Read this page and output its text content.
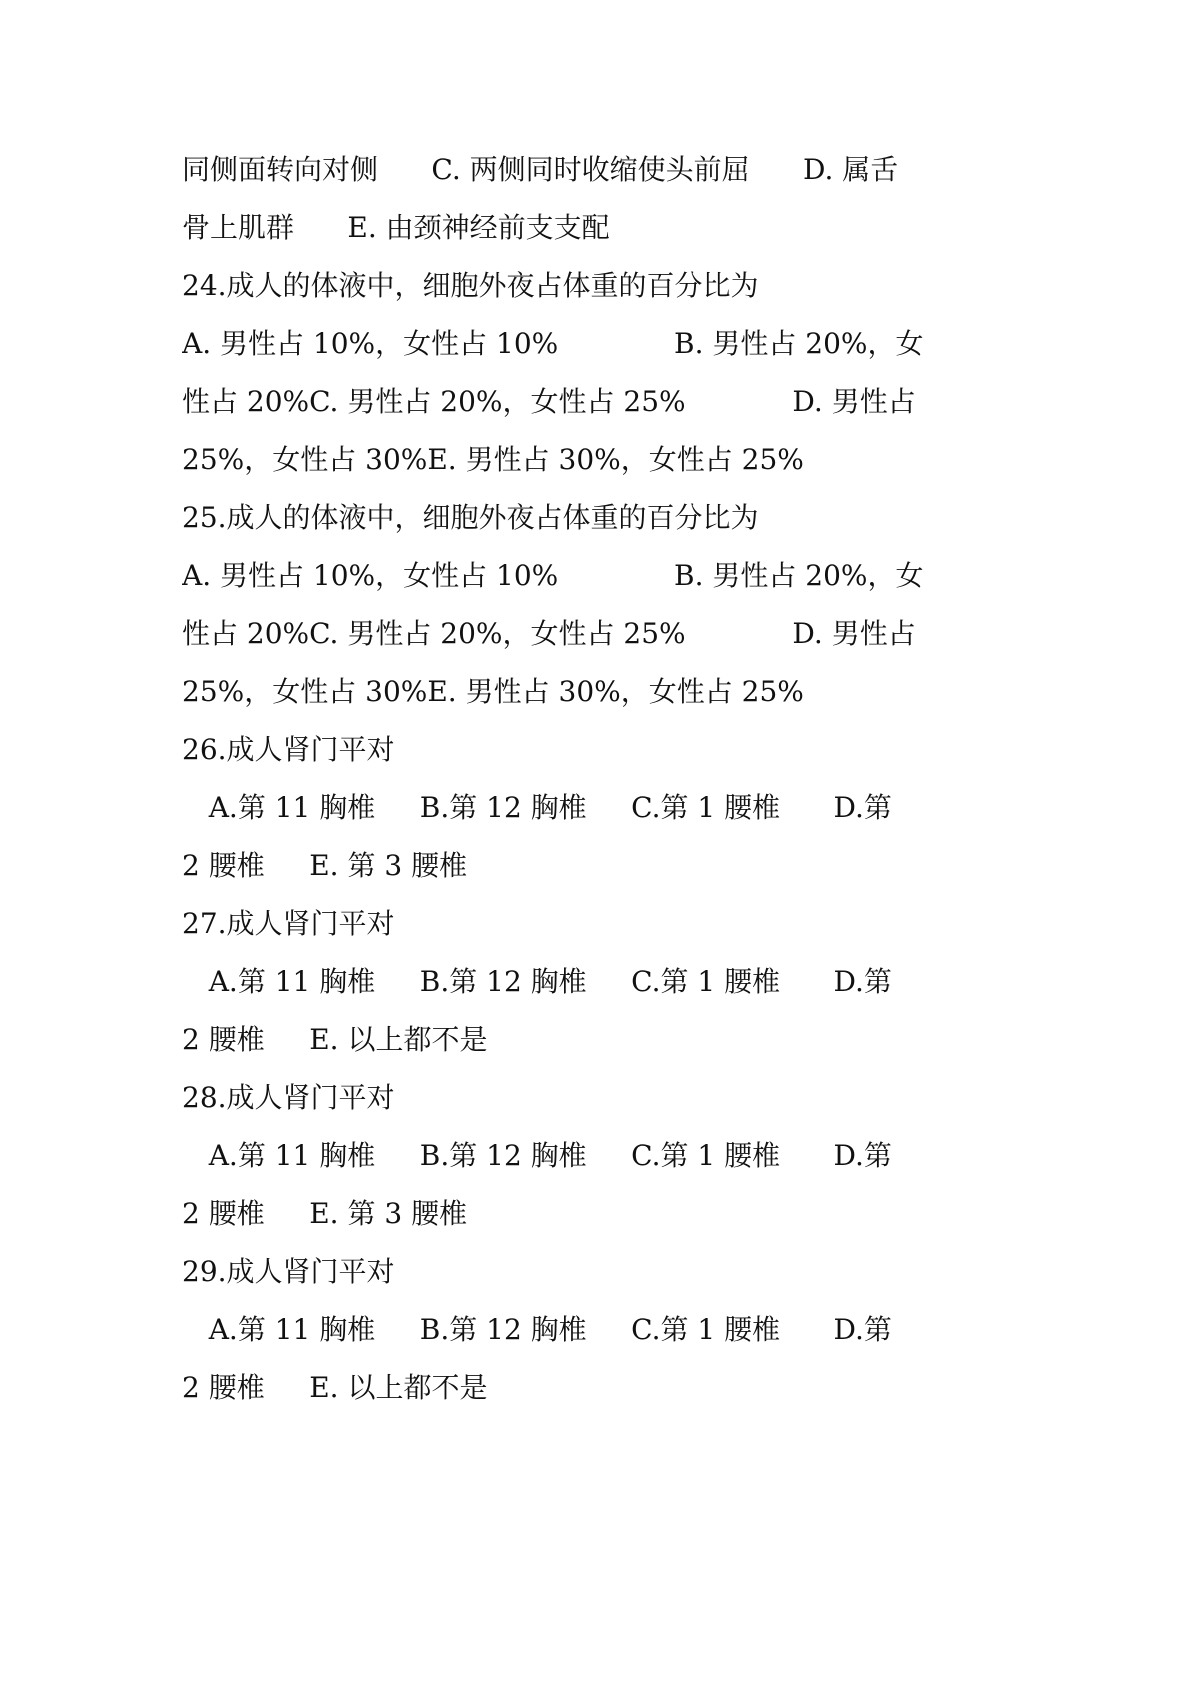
同侧面转向对侧      C. 两侧同时收缩使头前屈      D. 属舌
骨上肌群      E. 由颈神经前支支配
24.成人的体液中，细胞外夜占体重的百分比为
A. 男性占 10%，女性占 10%             B. 男性占 20%，女
性占 20%C. 男性占 20%，女性占 25%            D. 男性占
25%，女性占 30%E. 男性占 30%，女性占 25%
25.成人的体液中，细胞外夜占体重的百分比为
A. 男性占 10%，女性占 10%             B. 男性占 20%，女
性占 20%C. 男性占 20%，女性占 25%            D. 男性占
25%，女性占 30%E. 男性占 30%，女性占 25%
26.成人肾门平对
A.第 11 胸椎     B.第 12 胸椎     C.第 1 腰椎      D.第
2 腰椎     E. 第 3 腰椎
27.成人肾门平对
A.第 11 胸椎     B.第 12 胸椎     C.第 1 腰椎      D.第
2 腰椎     E. 以上都不是
28.成人肾门平对
A.第 11 胸椎     B.第 12 胸椎     C.第 1 腰椎      D.第
2 腰椎     E. 第 3 腰椎
29.成人肾门平对
A.第 11 胸椎     B.第 12 胸椎     C.第 1 腰椎      D.第
2 腰椎     E. 以上都不是
